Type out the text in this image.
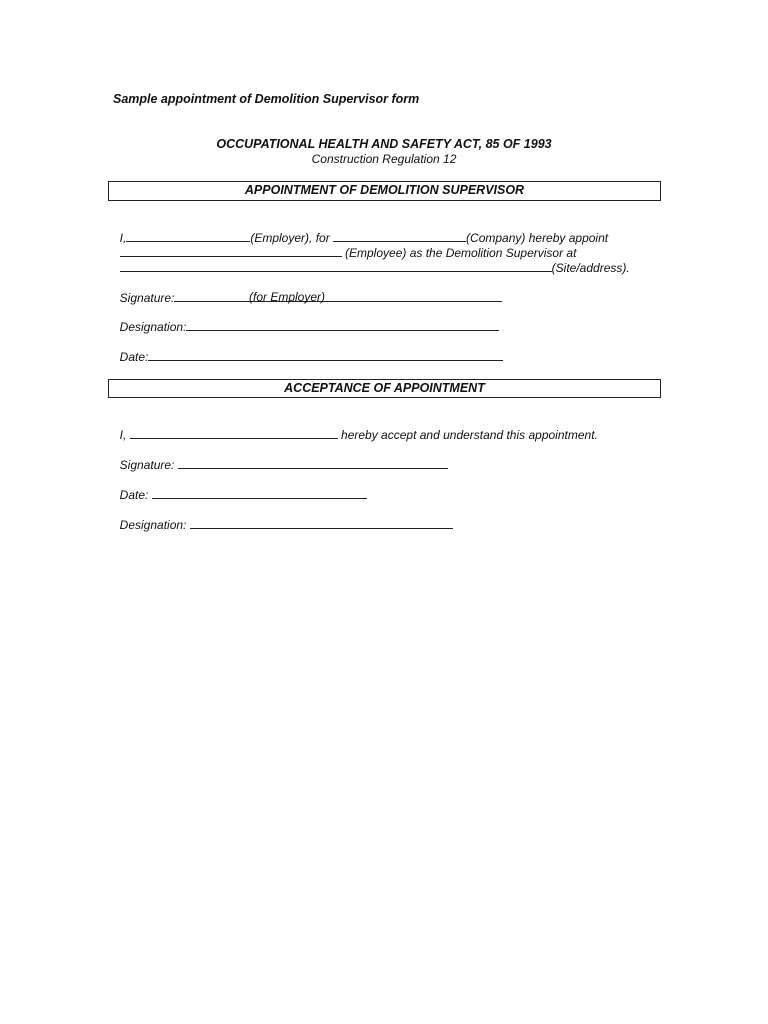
Sample appointment of Demolition Supervisor form
OCCUPATIONAL HEALTH AND SAFETY ACT, 85 OF 1993
Construction Regulation 12
APPOINTMENT OF DEMOLITION SUPERVISOR

I,	(Employer), for	(Company) hereby appoint

(Employee) as the Demolition Supervisor at

(Site/address).

Signature:	(for Employer)

Designation:

Date:

ACCEPTANCE OF APPOINTMENT

I,	hereby accept and understand this appointment.

Signature:

Date:

Designation:
